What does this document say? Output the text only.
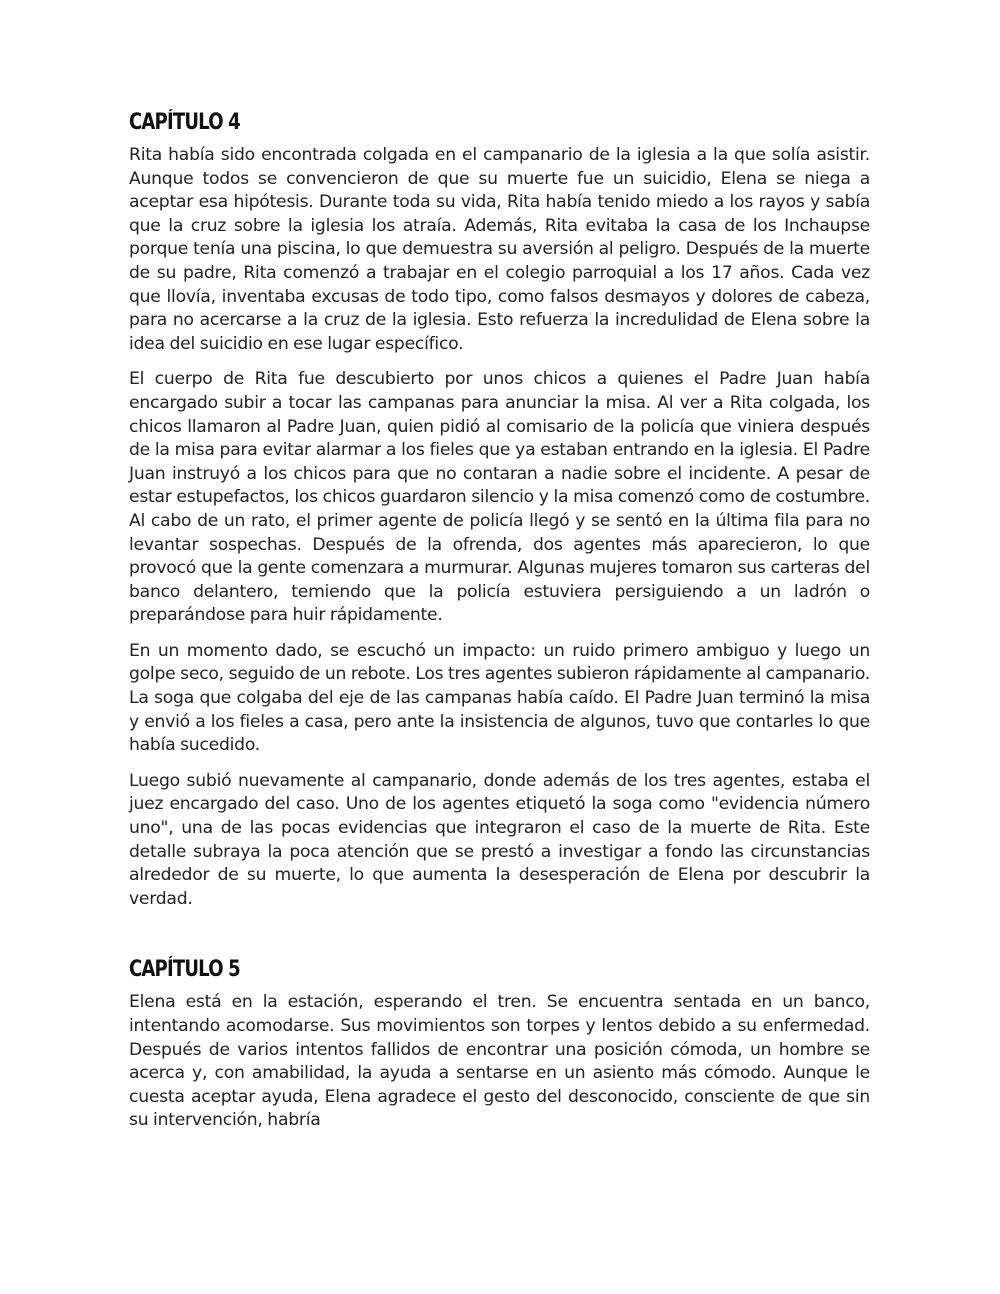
CAPÍTULO 4

Rita había sido encontrada colgada en el campanario de la iglesia a la que solía asistir. Aunque todos se convencieron de que su muerte fue un suicidio, Elena se niega a aceptar esa hipótesis. Durante toda su vida, Rita había tenido miedo a los rayos y sabía que la cruz sobre la iglesia los atraía. Además, Rita evitaba la casa de los Inchaupse porque tenía una piscina, lo que demuestra su aversión al peligro. Después de la muerte de su padre, Rita comenzó a trabajar en el colegio parroquial a los 17 años. Cada vez que llovía, inventaba excusas de todo tipo, como falsos desmayos y dolores de cabeza, para no acercarse a la cruz de la iglesia. Esto refuerza la incredulidad de Elena sobre la idea del suicidio en ese lugar específico.

El cuerpo de Rita fue descubierto por unos chicos a quienes el Padre Juan había encargado subir a tocar las campanas para anunciar la misa. Al ver a Rita colgada, los chicos llamaron al Padre Juan, quien pidió al comisario de la policía que viniera después de la misa para evitar alarmar a los fieles que ya estaban entrando en la iglesia. El Padre Juan instruyó a los chicos para que no contaran a nadie sobre el incidente. A pesar de estar estupefactos, los chicos guardaron silencio y la misa comenzó como de costumbre. Al cabo de un rato, el primer agente de policía llegó y se sentó en la última fila para no levantar sospechas. Después de la ofrenda, dos agentes más aparecieron, lo que provocó que la gente comenzara a murmurar. Algunas mujeres tomaron sus carteras del banco delantero, temiendo que la policía estuviera persiguiendo a un ladrón o preparándose para huir rápidamente.

En un momento dado, se escuchó un impacto: un ruido primero ambiguo y luego un golpe seco, seguido de un rebote. Los tres agentes subieron rápidamente al campanario. La soga que colgaba del eje de las campanas había caído. El Padre Juan terminó la misa y envió a los fieles a casa, pero ante la insistencia de algunos, tuvo que contarles lo que había sucedido.

Luego subió nuevamente al campanario, donde además de los tres agentes, estaba el juez encargado del caso. Uno de los agentes etiquetó la soga como "evidencia número uno", una de las pocas evidencias que integraron el caso de la muerte de Rita. Este detalle subraya la poca atención que se prestó a investigar a fondo las circunstancias alrededor de su muerte, lo que aumenta la desesperación de Elena por descubrir la verdad.

CAPÍTULO 5

Elena está en la estación, esperando el tren. Se encuentra sentada en un banco, intentando acomodarse. Sus movimientos son torpes y lentos debido a su enfermedad. Después de varios intentos fallidos de encontrar una posición cómoda, un hombre se acerca y, con amabilidad, la ayuda a sentarse en un asiento más cómodo. Aunque le cuesta aceptar ayuda, Elena agradece el gesto del desconocido, consciente de que sin su intervención, habría
